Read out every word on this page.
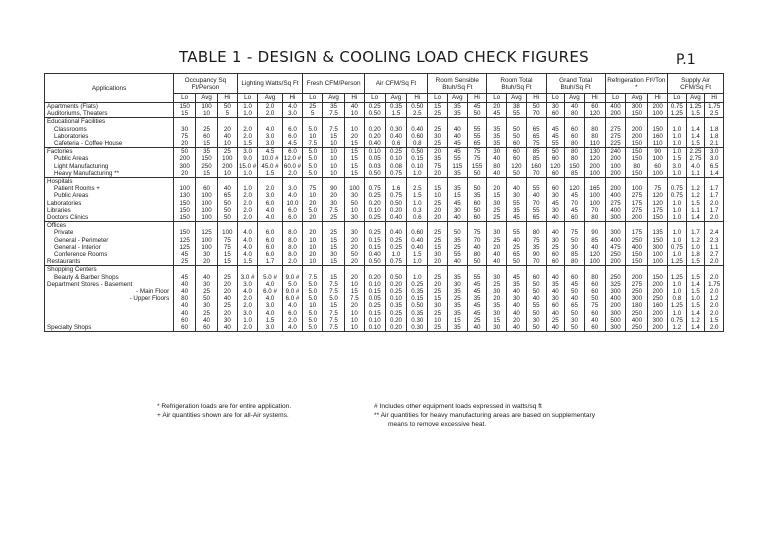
TABLE 1 - DESIGN & COOLING LOAD CHECK FIGURES	P.1
Applications	Occupancy Sq Ft/Person			Lighting Watts/Sq Ft			Fresh CFM/Person			Air CFM/Sq Ft			Room Sensible Btuh/Sq Ft			Room Total Btuh/Sq Ft			Grand Total Btuh/Sq Ft			Refrigeration Ft²/Ton *			Supply Air CFM/Sq Ft		
	Lo	Avg	Hi	Lo	Avg	Hi	Lo	Avg	Hi	Lo	Avg	Hi	Lo	Avg	Hi	Lo	Avg	Hi	Lo	Avg	Hi	Lo	Avg	Hi	Lo	Avg	Hi
Apartments (Flats)	150	100	50	1.0	2.0	4.0	25	35	40	0.25	0.35	0.50	15	35	45	20	38	50	30	40	60	400	300	200	0.75	1.25	1.75
Auditoriums, Theaters	15	10	5	1.0	2.0	3.0	5	7.5	10	0.50	1.5	2.5	25	35	50	45	55	70	60	80	120	200	150	100	1.25	1.5	2.5
Educational Facilities																											
Classrooms	30	25	20	2.0	4.0	6.0	5.0	7.5	10	0.20	0.30	0.40	25	40	55	35	50	65	45	60	80	275	200	150	1.0	1.4	1.8
Laboratories	75	60	40	2.0	3.0	6.0	10	15	20	0.20	0.40	0.60	30	40	55	35	50	65	45	60	80	275	200	160	1.0	1.4	1.8
Cafeteria - Coffee House	20	15	10	1.5	3.0	4.5	7.5	10	15	0.40	0.6	0.8	25	45	65	35	60	75	55	80	110	225	150	110	1.0	1.5	2.1
Factories	50	35	25	3.0	4.5	6.0	5.0	10	15	0.10	0.25	0.50	20	45	75	30	60	85	50	80	130	240	150	90	1.0	2.25	3.0
Public Areas	200	150	100	9.0	10.0 #	12.0 #	5.0	10	15	0.05	0.10	0.15	35	55	75	40	60	85	60	80	120	200	150	100	1.5	2.75	3.0
Light Manufacturing	300	250	200	15.0 #	45.0 #	60.0 #	5.0	10	15	0.03	0.08	0.10	75	115	155	80	120	160	120	150	200	100	80	60	3.0	4.0	6.5
Heavy Manufacturing **	20	15	10	1.0	1.5	2.0	5.0	10	15	0.50	0.75	1.0	20	35	50	40	50	70	60	85	100	200	150	100	1.0	1.1	1.4
Hospitals																											
Patient Rooms +	100	60	40	1.0	2.0	3.0	75	90	100	0.75	1.6	2.5	15	35	50	20	40	55	60	120	165	200	100	75	0.75	1.2	1.7
Public Areas	130	100	65	2.0	3.0	4.0	10	20	30	0.25	0.75	1.5	10	15	35	15	30	40	30	45	100	400	275	120	0.75	1.2	1.7
Laboratories	150	100	50	2.0	6.0	10.0	20	30	50	0.20	0.50	1.0	25	45	60	30	55	70	45	70	100	275	175	120	1.0	1.5	2.0
Libraries	150	100	50	2.0	4.0	6.0	5.0	7.5	10	0.10	0.20	0.3	20	30	50	25	35	55	30	45	70	400	275	175	1.0	1.1	1.7
Doctors Clinics	150	100	50	2.0	4.0	6.0	20	25	30	0.25	0.40	0.6	20	40	60	25	45	65	40	60	80	300	200	150	1.0	1.4	2.0
Offices																											
Private	150	125	100	4.0	6.0	8.0	20	25	30	0.25	0.40	0.60	25	50	75	30	55	80	40	75	90	300	175	135	1.0	1.7	2.4
General - Perimeter	125	100	75	4.0	6.0	8.0	10	15	20	0.15	0.25	0.40	25	35	70	25	40	75	30	50	85	400	250	150	1.0	1.2	2.3
General - Interior	125	100	75	4.0	6.0	8.0	10	15	20	0.15	0.25	0.40	15	25	40	20	25	35	25	30	40	475	400	300	0.75	1.0	1.1
Conference Rooms	45	30	15	4.0	6.0	8.0	20	30	50	0.40	1.0	1.5	30	55	80	40	65	90	60	85	120	250	150	100	1.0	1.8	2.7
Restaurants	25	20	15	1.5	1.7	2.0	10	15	20	0.50	0.75	1.0	20	40	50	40	50	70	60	80	100	200	150	100	1.25	1.5	2.0
Shopping Centers																											
Beauty & Barber Shops	45	40	25	3.0 #	5.0 #	9.0 #	7.5	15	20	0.20	0.50	1.0	25	35	55	30	45	60	40	60	80	250	200	150	1.25	1.5	2.0
Department Stores - Basement	40	30	20	3.0	4.0	5.0	5.0	7.5	10	0.10	0.20	0.25	20	30	45	25	35	50	35	45	60	325	275	200	1.0	1.4	1.75
- Main Floor	40	25	20	4.0	6.0 #	9.0 #	5.0	7.5	15	0.15	0.25	0.35	25	35	45	30	40	50	40	50	60	300	250	200	1.0	1.5	2.0
- Upper Floors	80	50	40	2.0	4.0	6.0 #	5.0	5.0	7.5	0.05	0.10	0.15	15	25	35	20	30	40	30	40	50	400	300	250	0.8	1.0	1.2
	40	30	25	2.0	3.0	4.0	10	15	20	0.25	0.35	0.50	30	35	45	35	40	55	60	65	75	200	180	160	1.25	1.5	2.0
	40	25	20	3.0	4.0	6.0	5.0	7.5	10	0.15	0.25	0.35	25	35	45	30	40	50	40	50	60	300	250	200	1.0	1.4	2.0
	60	40	30	1.0	1.5	2.0	5.0	7.5	10	0.10	0.20	0.30	10	15	25	15	20	30	25	30	40	500	400	300	0.75	1.2	1.5
Specialty Shops	60	60	40	2.0	3.0	4.0	5.0	7.5	10	0.10	0.20	0.30	25	35	40	30	40	50	40	50	60	300	250	200	1.2	1.4	2.0
* Refrigeration loads are for entire application.
+ Air quantities shown are for all-Air systems.
# Includes other equipment loads expressed in watts/sq ft
** Air quantities for heavy manufacturing areas are based on supplementary
means to remove excessive heat.
